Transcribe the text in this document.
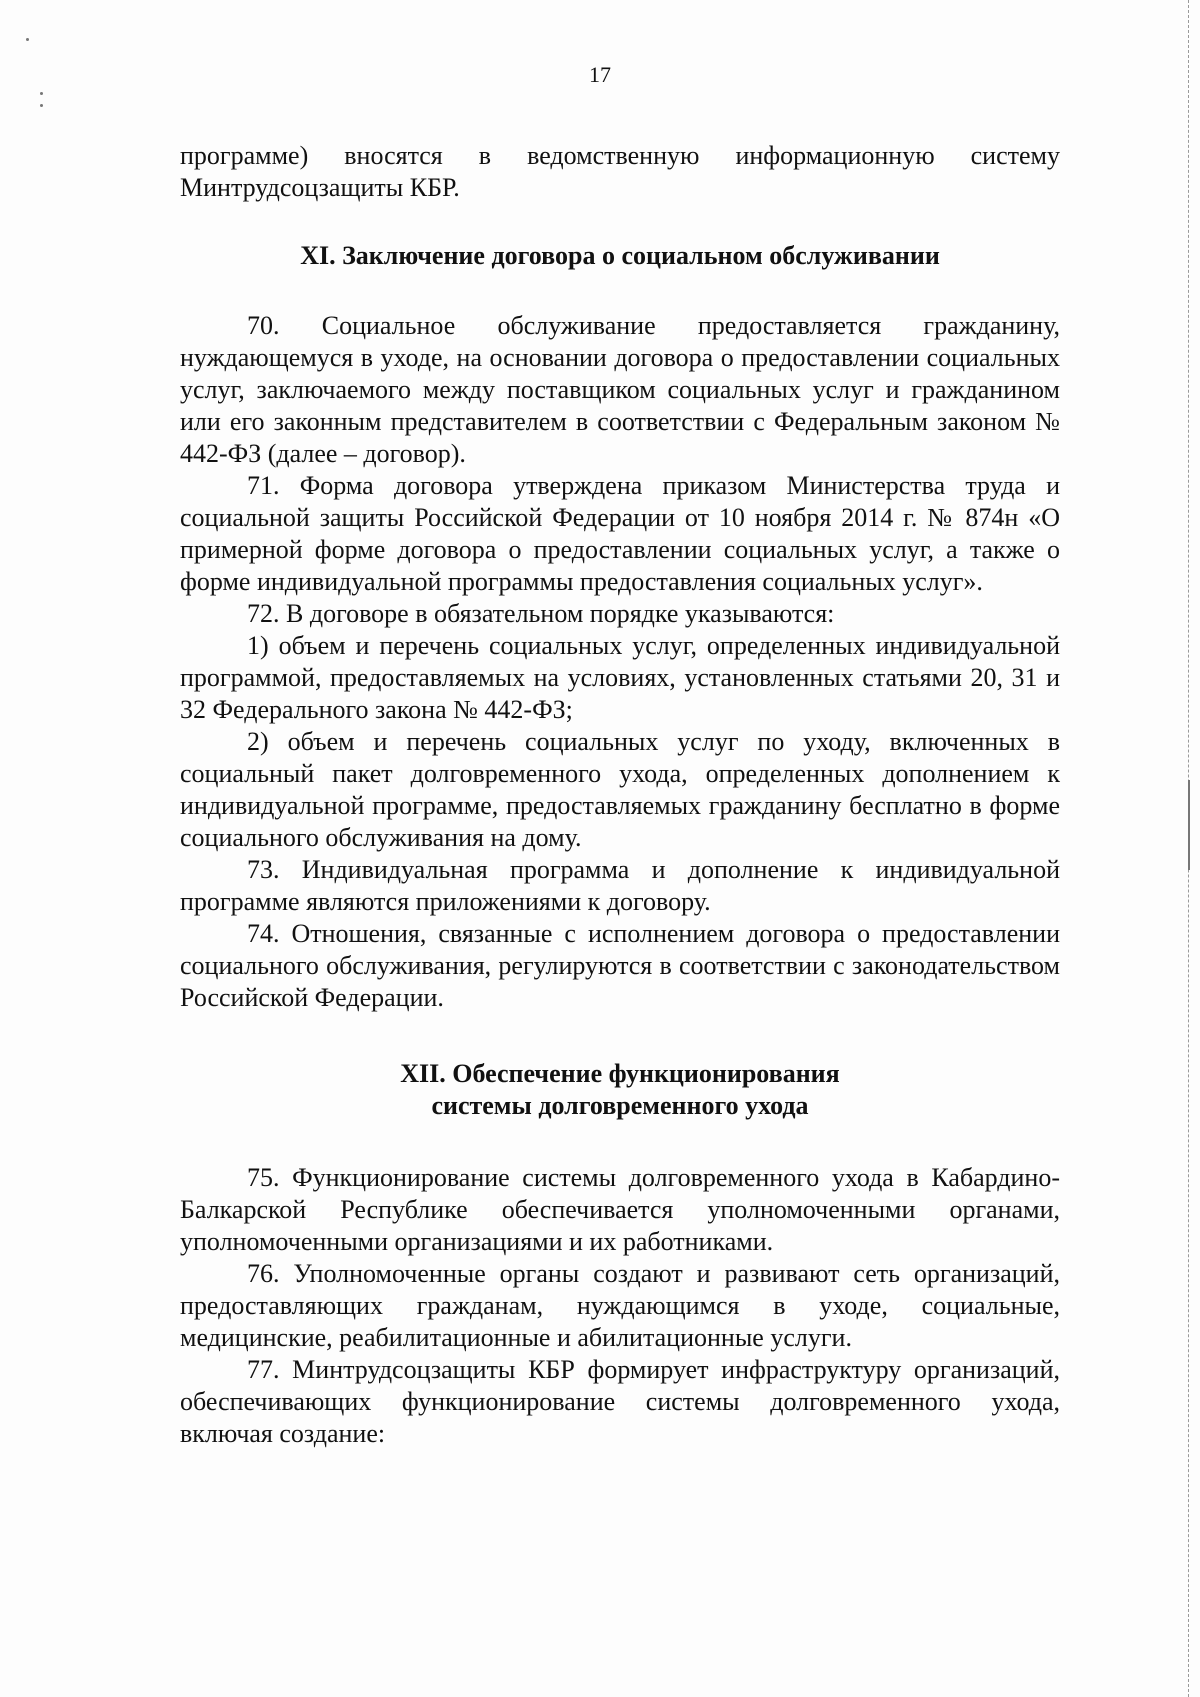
17

программе) вносятся в ведомственную информационную систему Минтрудсоцзащиты КБР.

XI. Заключение договора о социальном обслуживании

70. Социальное обслуживание предоставляется гражданину, нуждающемуся в уходе, на основании договора о предоставлении социальных услуг, заключаемого между поставщиком социальных услуг и гражданином или его законным представителем в соответствии с Федеральным законом № 442-ФЗ (далее – договор).

71. Форма договора утверждена приказом Министерства труда и социальной защиты Российской Федерации от 10 ноября 2014 г. № 874н «О примерной форме договора о предоставлении социальных услуг, а также о форме индивидуальной программы предоставления социальных услуг».

72. В договоре в обязательном порядке указываются:

1) объем и перечень социальных услуг, определенных индивидуальной программой, предоставляемых на условиях, установленных статьями 20, 31 и 32 Федерального закона № 442-ФЗ;

2) объем и перечень социальных услуг по уходу, включенных в социальный пакет долговременного ухода, определенных дополнением к индивидуальной программе, предоставляемых гражданину бесплатно в форме социального обслуживания на дому.

73. Индивидуальная программа и дополнение к индивидуальной программе являются приложениями к договору.

74. Отношения, связанные с исполнением договора о предоставлении социального обслуживания, регулируются в соответствии с законодательством Российской Федерации.

XII. Обеспечение функционирования

системы долговременного ухода

75. Функционирование системы долговременного ухода в Кабардино-Балкарской Республике обеспечивается уполномоченными органами, уполномоченными организациями и их работниками.

76. Уполномоченные органы создают и развивают сеть организаций, предоставляющих гражданам, нуждающимся в уходе, социальные, медицинские, реабилитационные и абилитационные услуги.

77. Минтрудсоцзащиты КБР формирует инфраструктуру организаций, обеспечивающих функционирование системы долговременного ухода, включая создание:
